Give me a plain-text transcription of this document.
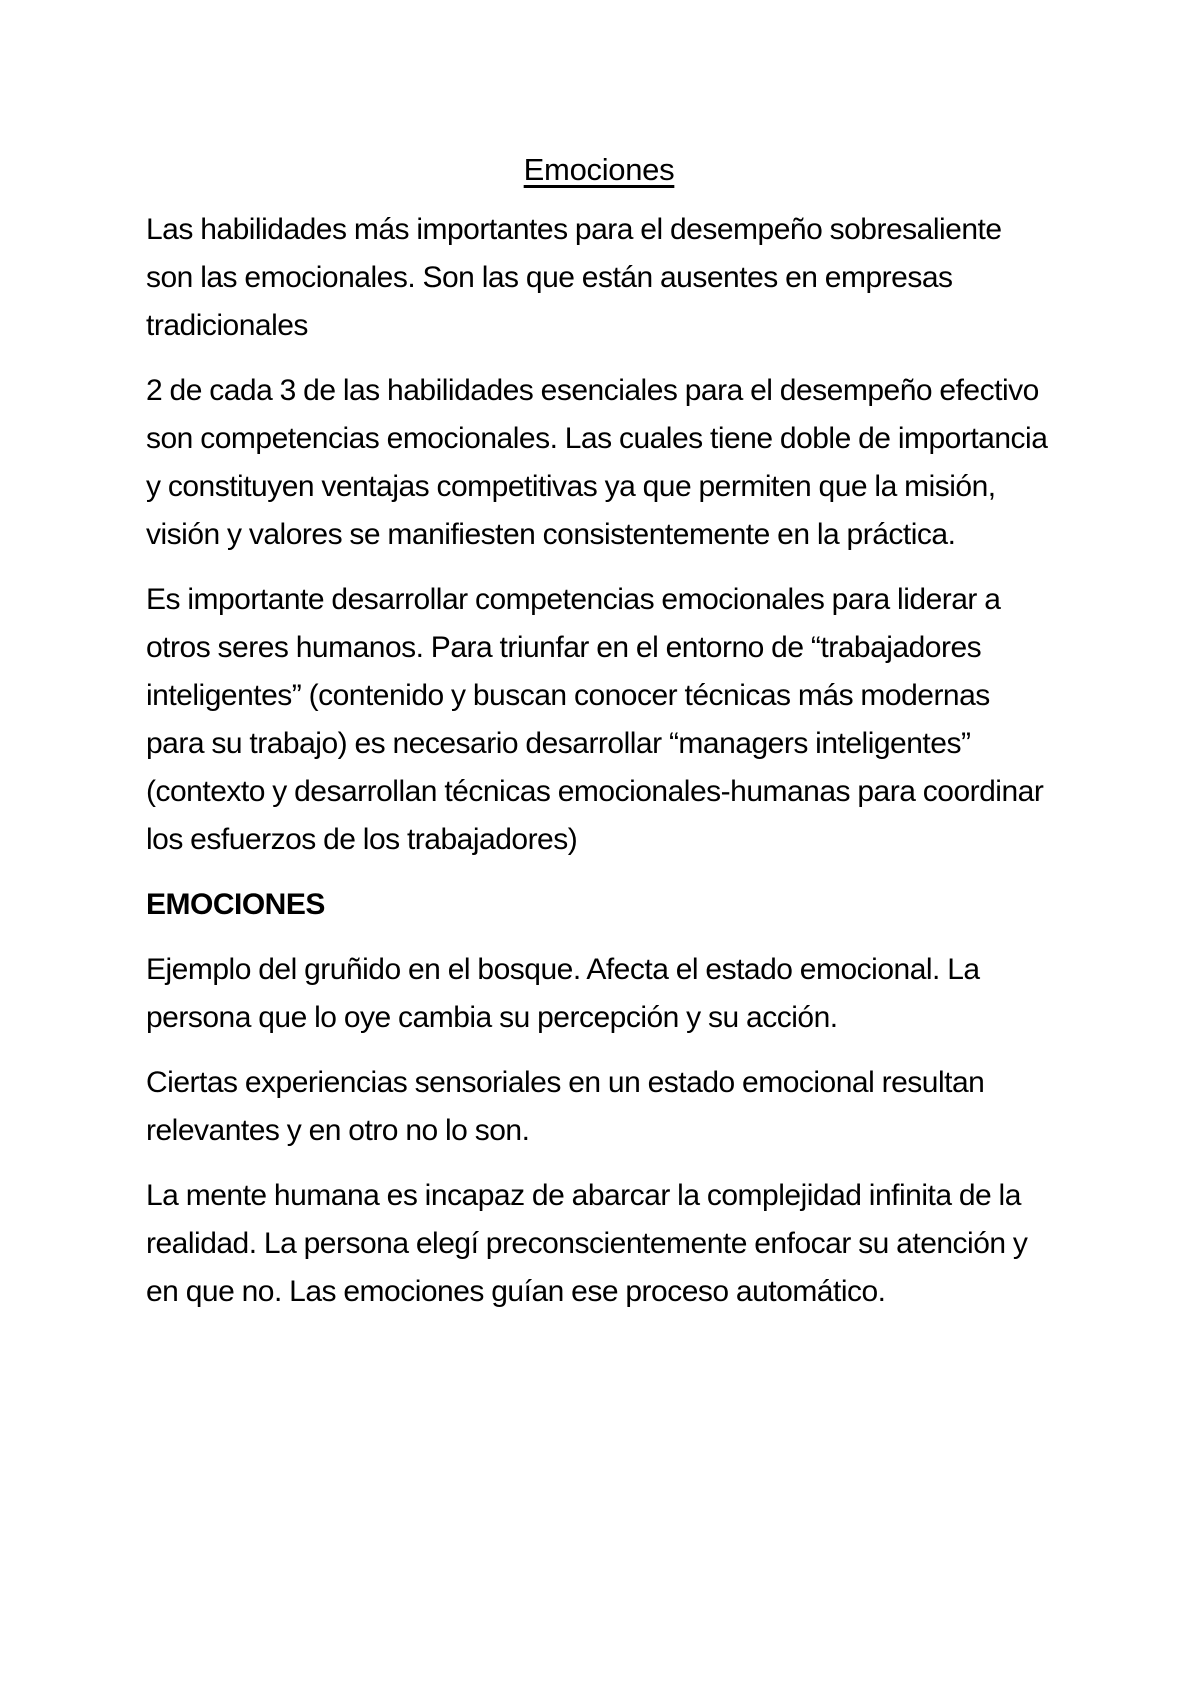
Emociones

Las habilidades más importantes para el desempeño sobresaliente son las emocionales. Son las que están ausentes en empresas tradicionales

2 de cada 3 de las habilidades esenciales para el desempeño efectivo son competencias emocionales. Las cuales tiene doble de importancia y constituyen ventajas competitivas ya que permiten que la misión, visión y valores se manifiesten consistentemente en la práctica.

Es importante desarrollar competencias emocionales para liderar a otros seres humanos. Para triunfar en el entorno de “trabajadores inteligentes” (contenido y buscan conocer técnicas más modernas para su trabajo) es necesario desarrollar “managers inteligentes” (contexto y desarrollan técnicas emocionales-humanas para coordinar los esfuerzos de los trabajadores)

EMOCIONES

Ejemplo del gruñido en el bosque. Afecta el estado emocional. La persona que lo oye cambia su percepción y su acción.

Ciertas experiencias sensoriales en un estado emocional resultan relevantes y en otro no lo son.

La mente humana es incapaz de abarcar la complejidad infinita de la realidad. La persona elegí preconscientemente enfocar su atención y en que no. Las emociones guían ese proceso automático.
